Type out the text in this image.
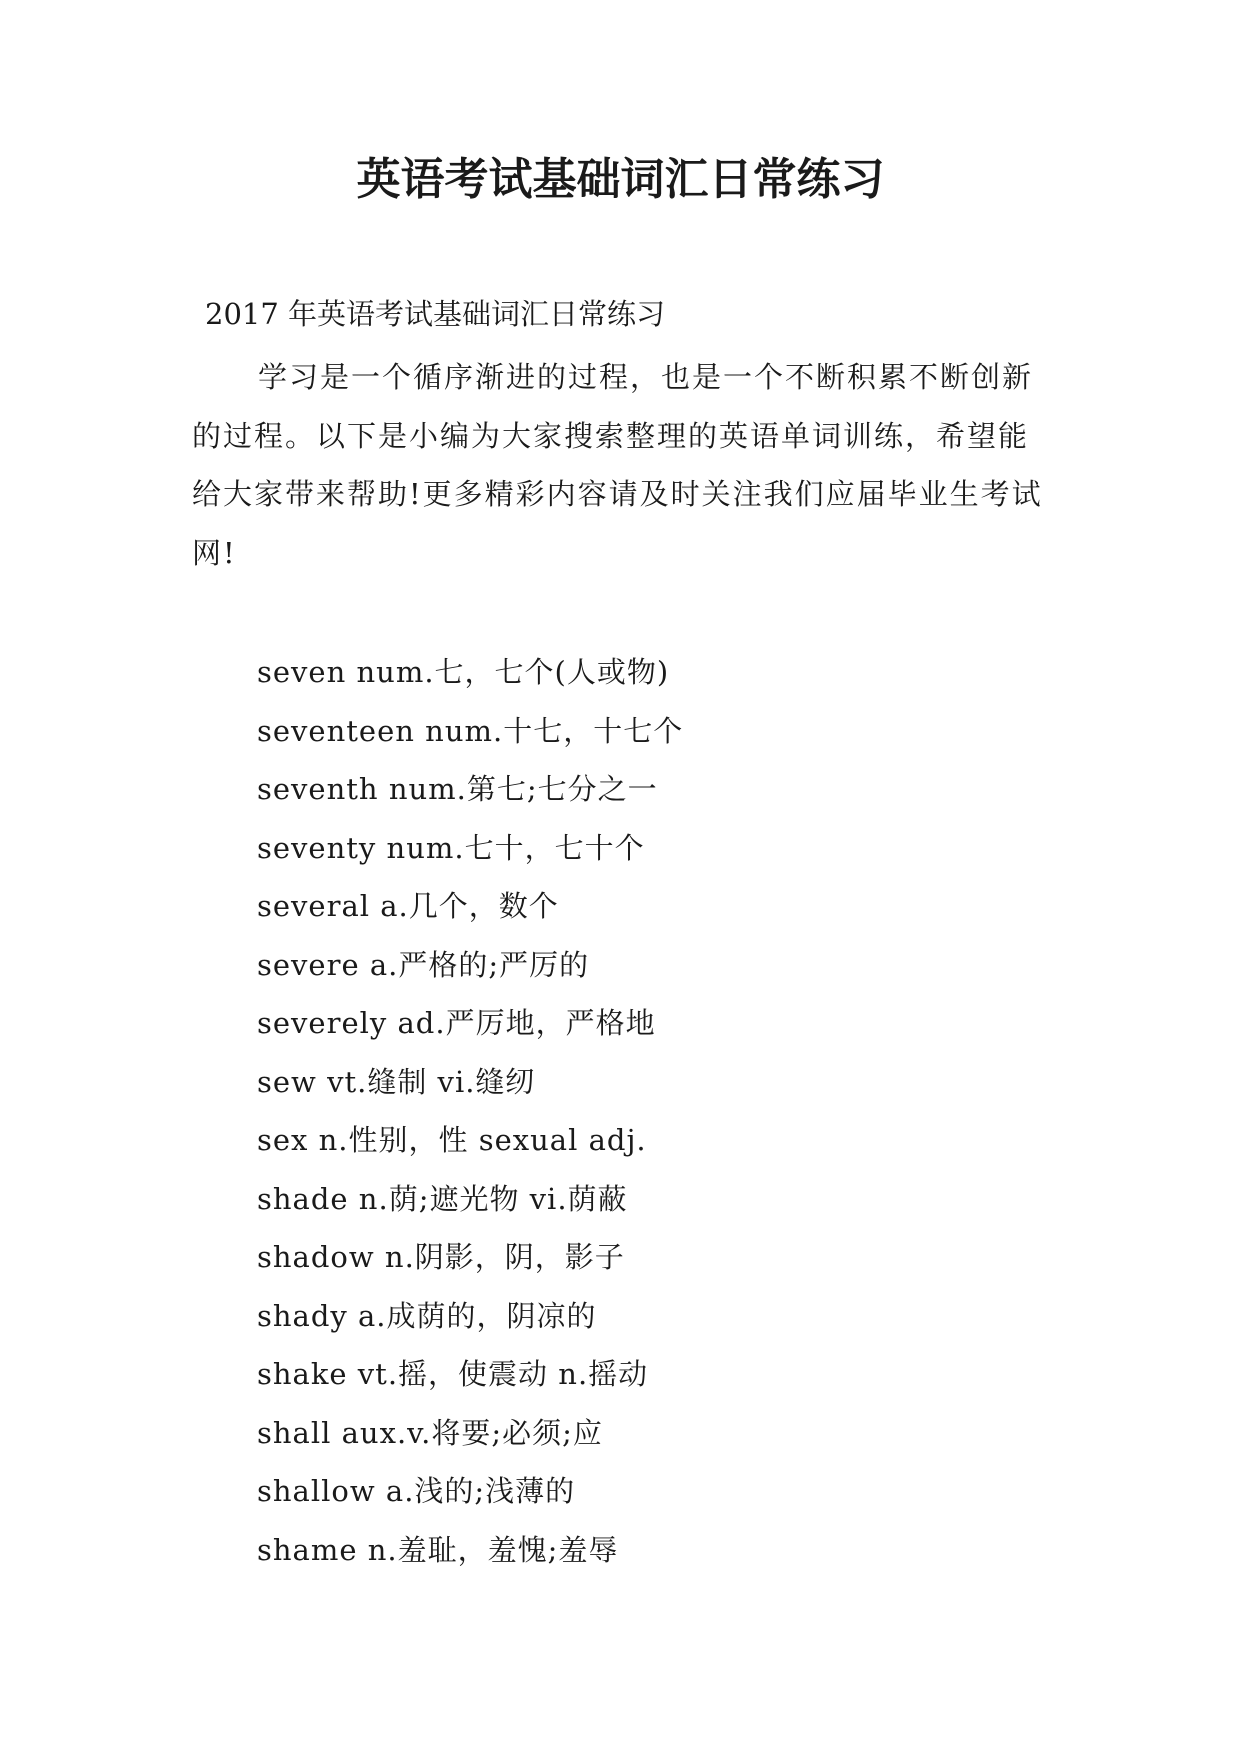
英语考试基础词汇日常练习

2017 年英语考试基础词汇日常练习

学习是一个循序渐进的过程，也是一个不断积累不断创新的过程。以下是小编为大家搜索整理的英语单词训练，希望能给大家带来帮助!更多精彩内容请及时关注我们应届毕业生考试网!

seven num.七，七个(人或物)
seventeen num.十七，十七个
seventh num.第七;七分之一
seventy num.七十，七十个
several a.几个，数个
severe a.严格的;严厉的
severely ad.严厉地，严格地
sew vt.缝制 vi.缝纫
sex n.性别，性 sexual adj.
shade n.荫;遮光物 vi.荫蔽
shadow n.阴影，阴，影子
shady a.成荫的，阴凉的
shake vt.摇，使震动 n.摇动
shall aux.v.将要;必须;应
shallow a.浅的;浅薄的
shame n.羞耻，羞愧;羞辱
